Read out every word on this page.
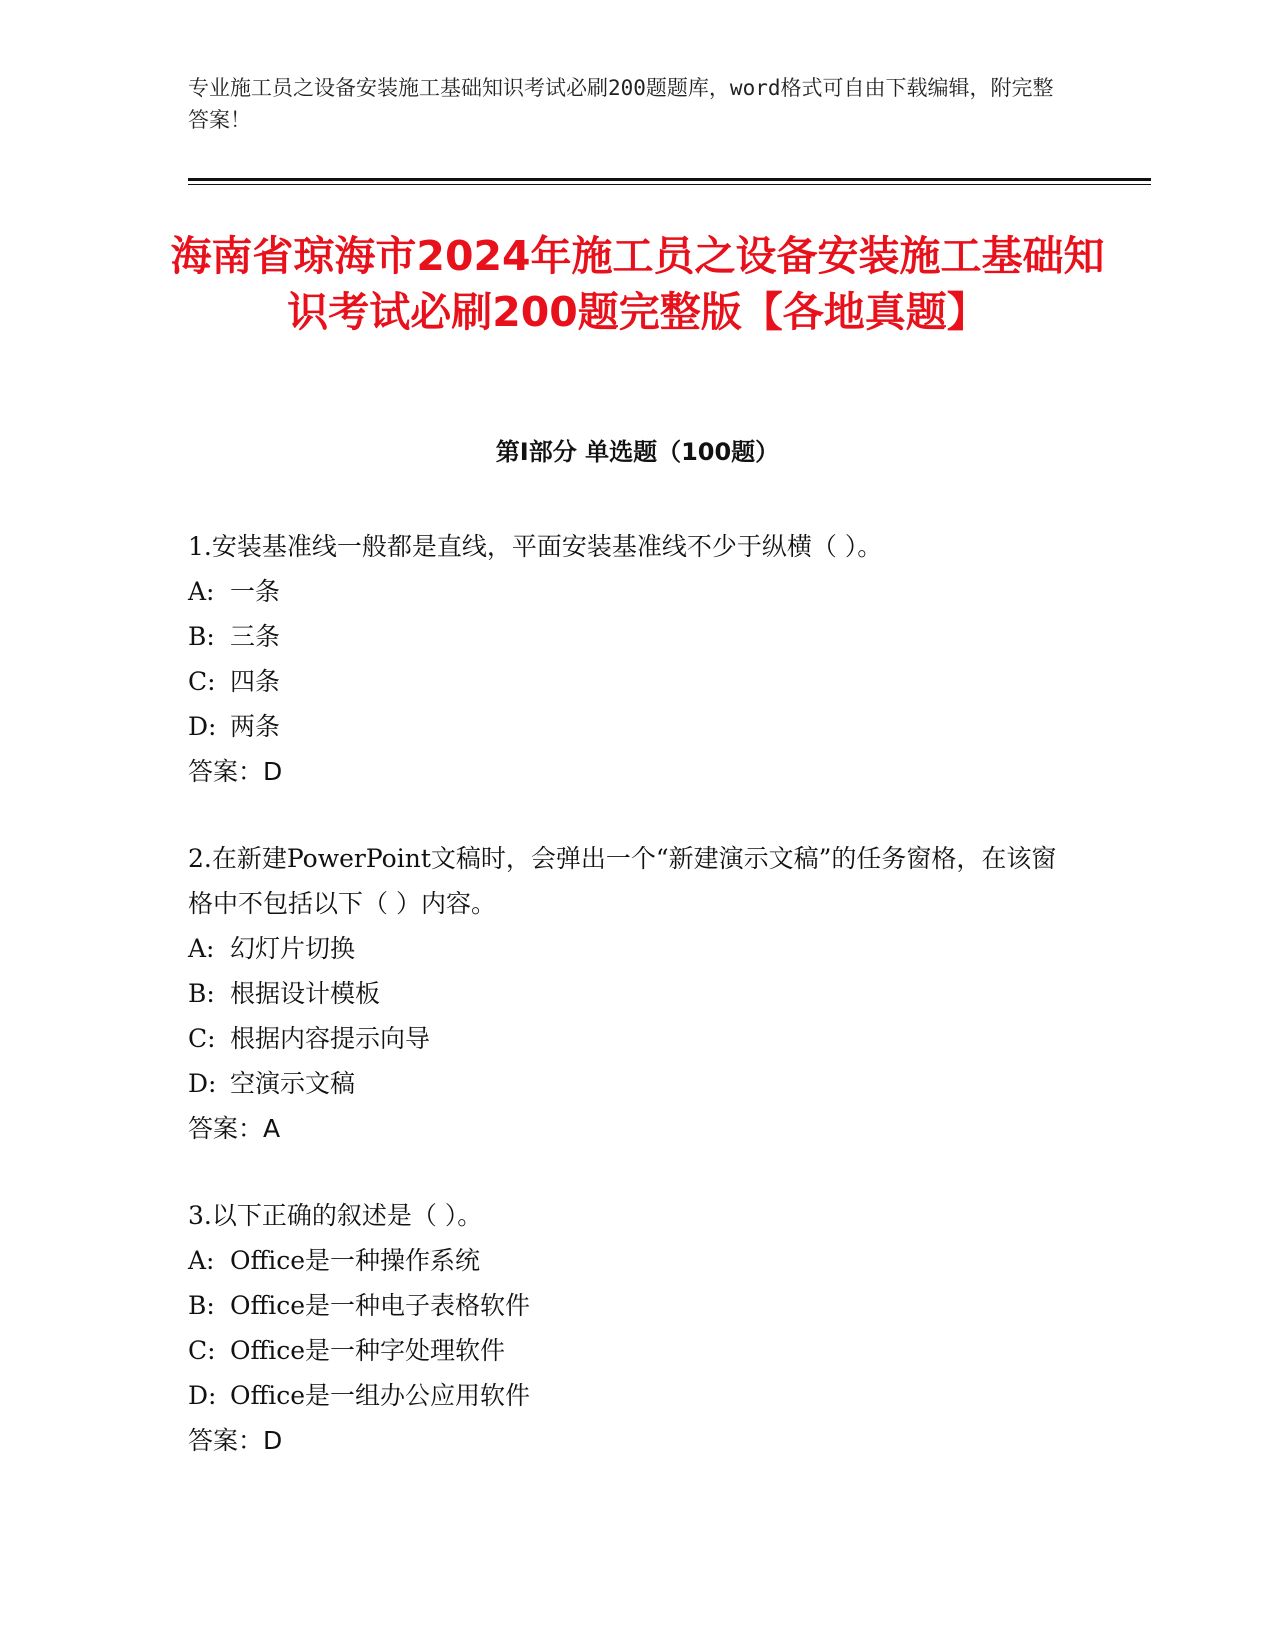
专业施工员之设备安装施工基础知识考试必刷200题题库，word格式可自由下载编辑，附完整答案！
海南省琼海市2024年施工员之设备安装施工基础知识考试必刷200题完整版【各地真题】
第Ⅰ部分 单选题（100题）

1.安装基准线一般都是直线，平面安装基准线不少于纵横（ ）。

A: 一条

B: 三条

C: 四条

D: 两条

答案：D

2.在新建PowerPoint文稿时，会弹出一个“新建演示文稿”的任务窗格，在该窗格中不包括以下（ ）内容。

A: 幻灯片切换

B: 根据设计模板

C: 根据内容提示向导

D: 空演示文稿

答案：A

3.以下正确的叙述是（ ）。

A: Office是一种操作系统

B: Office是一种电子表格软件

C: Office是一种字处理软件

D: Office是一组办公应用软件

答案：D
